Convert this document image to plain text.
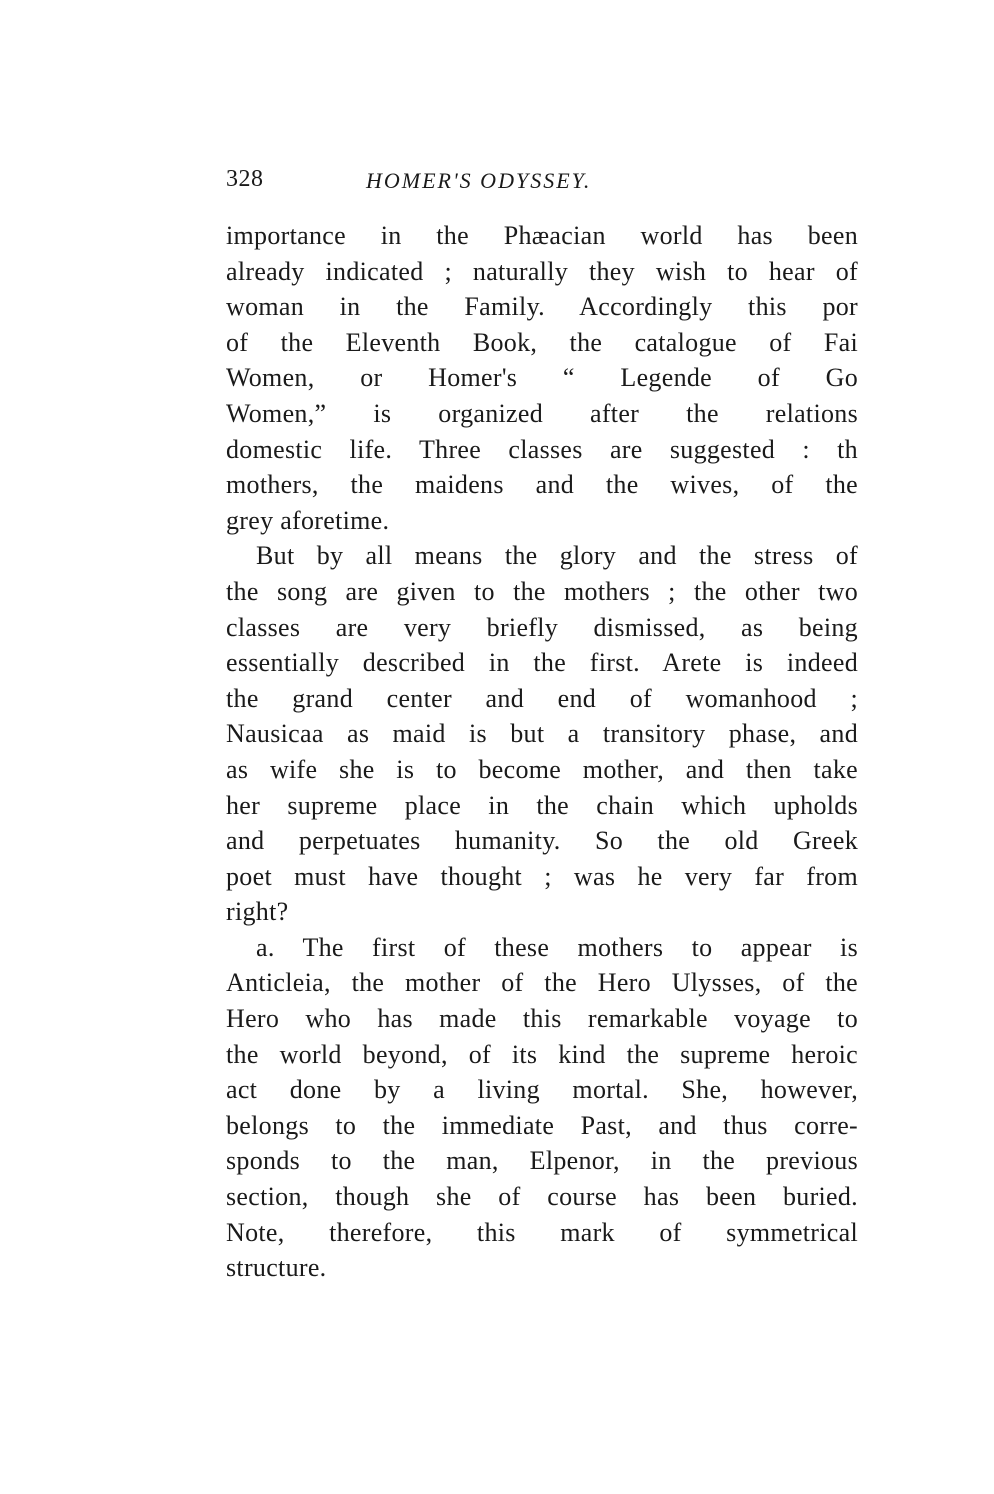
328	HOMER'S ODYSSEY.
importance in the Phæacian world has been
already indicated ; naturally they wish to hear of
woman in the Family. Accordingly this por
of the Eleventh Book, the catalogue of Fai
Women, or Homer's “ Legende of Go
Women,” is organized after the relations
domestic life. Three classes are suggested : th
mothers, the maidens and the wives, of the
grey aforetime.
But by all means the glory and the stress of
the song are given to the mothers ; the other two
classes are very briefly dismissed, as being
essentially described in the first. Arete is indeed
the grand center and end of womanhood ;
Nausicaa as maid is but a transitory phase, and
as wife she is to become mother, and then take
her supreme place in the chain which upholds
and perpetuates humanity. So the old Greek
poet must have thought ; was he very far from
right?
a. The first of these mothers to appear is
Anticleia, the mother of the Hero Ulysses, of the
Hero who has made this remarkable voyage to
the world beyond, of its kind the supreme heroic
act done by a living mortal. She, however,
belongs to the immediate Past, and thus corre-
sponds to the man, Elpenor, in the previous
section, though she of course has been buried.
Note, therefore, this mark of symmetrical
structure.
